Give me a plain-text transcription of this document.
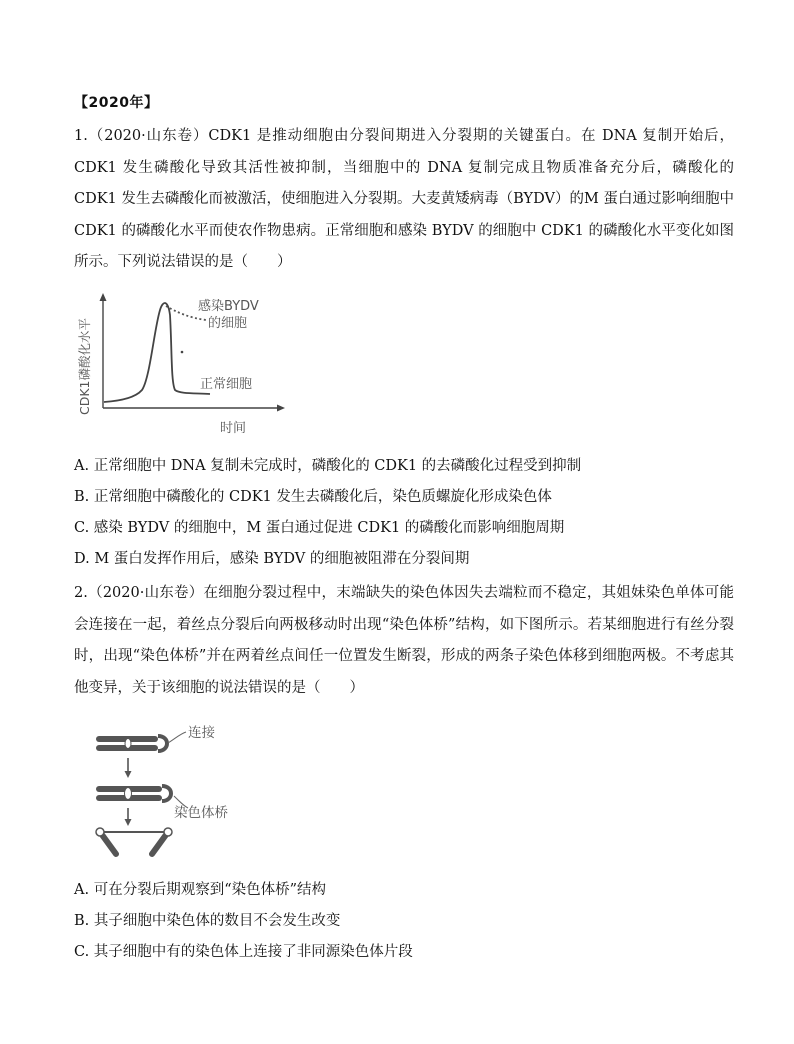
【2020年】
1.（2020·山东卷）CDK1 是推动细胞由分裂间期进入分裂期的关键蛋白。在 DNA 复制开始后，CDK1 发生磷酸化导致其活性被抑制，当细胞中的 DNA 复制完成且物质准备充分后，磷酸化的 CDK1 发生去磷酸化而被激活，使细胞进入分裂期。大麦黄矮病毒（BYDV）的M 蛋白通过影响细胞中 CDK1 的磷酸化水平而使农作物患病。正常细胞和感染 BYDV 的细胞中 CDK1 的磷酸化水平变化如图所示。下列说法错误的是（　　）
CDK1磷酸化水平
时间
感染BYDV
的细胞
正常细胞
A. 正常细胞中 DNA 复制未完成时，磷酸化的 CDK1 的去磷酸化过程受到抑制
B. 正常细胞中磷酸化的 CDK1 发生去磷酸化后，染色质螺旋化形成染色体
C. 感染 BYDV 的细胞中，M 蛋白通过促进 CDK1 的磷酸化而影响细胞周期
D. M 蛋白发挥作用后，感染 BYDV 的细胞被阻滞在分裂间期
2.（2020·山东卷）在细胞分裂过程中，末端缺失的染色体因失去端粒而不稳定，其姐妹染色单体可能会连接在一起，着丝点分裂后向两极移动时出现“染色体桥”结构，如下图所示。若某细胞进行有丝分裂时，出现“染色体桥”并在两着丝点间任一位置发生断裂，形成的两条子染色体移到细胞两极。不考虑其他变异，关于该细胞的说法错误的是（　　）
连接
染色体桥
A. 可在分裂后期观察到“染色体桥”结构
B. 其子细胞中染色体的数目不会发生改变
C. 其子细胞中有的染色体上连接了非同源染色体片段
